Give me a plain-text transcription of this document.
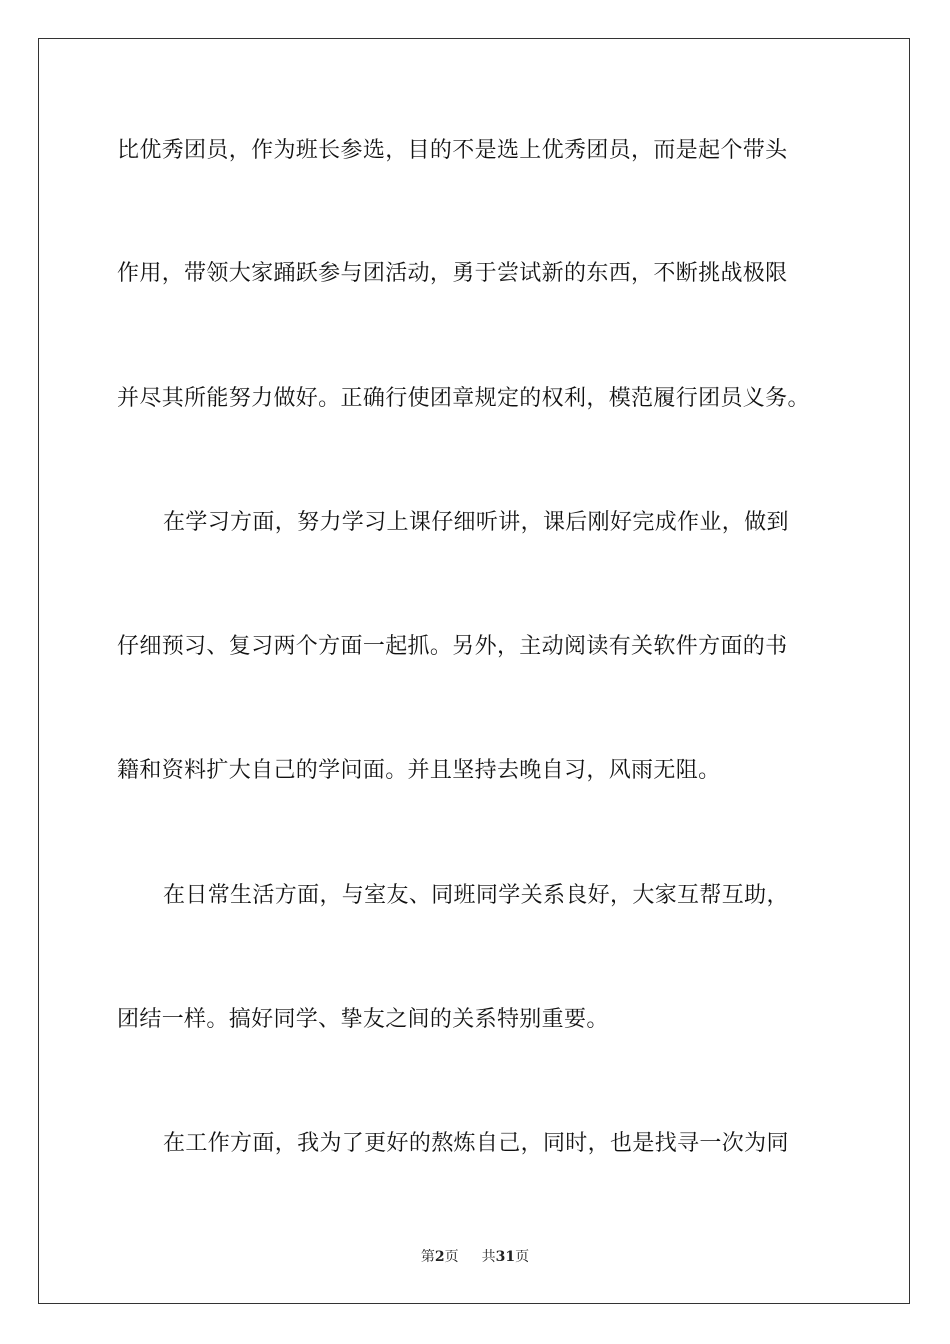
比优秀团员，作为班长参选，目的不是选上优秀团员，而是起个带头
作用，带领大家踊跃参与团活动，勇于尝试新的东西，不断挑战极限
并尽其所能努力做好。正确行使团章规定的权利，模范履行团员义务。
在学习方面，努力学习上课仔细听讲，课后刚好完成作业，做到
仔细预习、复习两个方面一起抓。另外，主动阅读有关软件方面的书
籍和资料扩大自己的学问面。并且坚持去晚自习，风雨无阻。
在日常生活方面，与室友、同班同学关系良好，大家互帮互助，
团结一样。搞好同学、挚友之间的关系特别重要。
在工作方面，我为了更好的熬炼自己，同时，也是找寻一次为同
第2页 共31页
